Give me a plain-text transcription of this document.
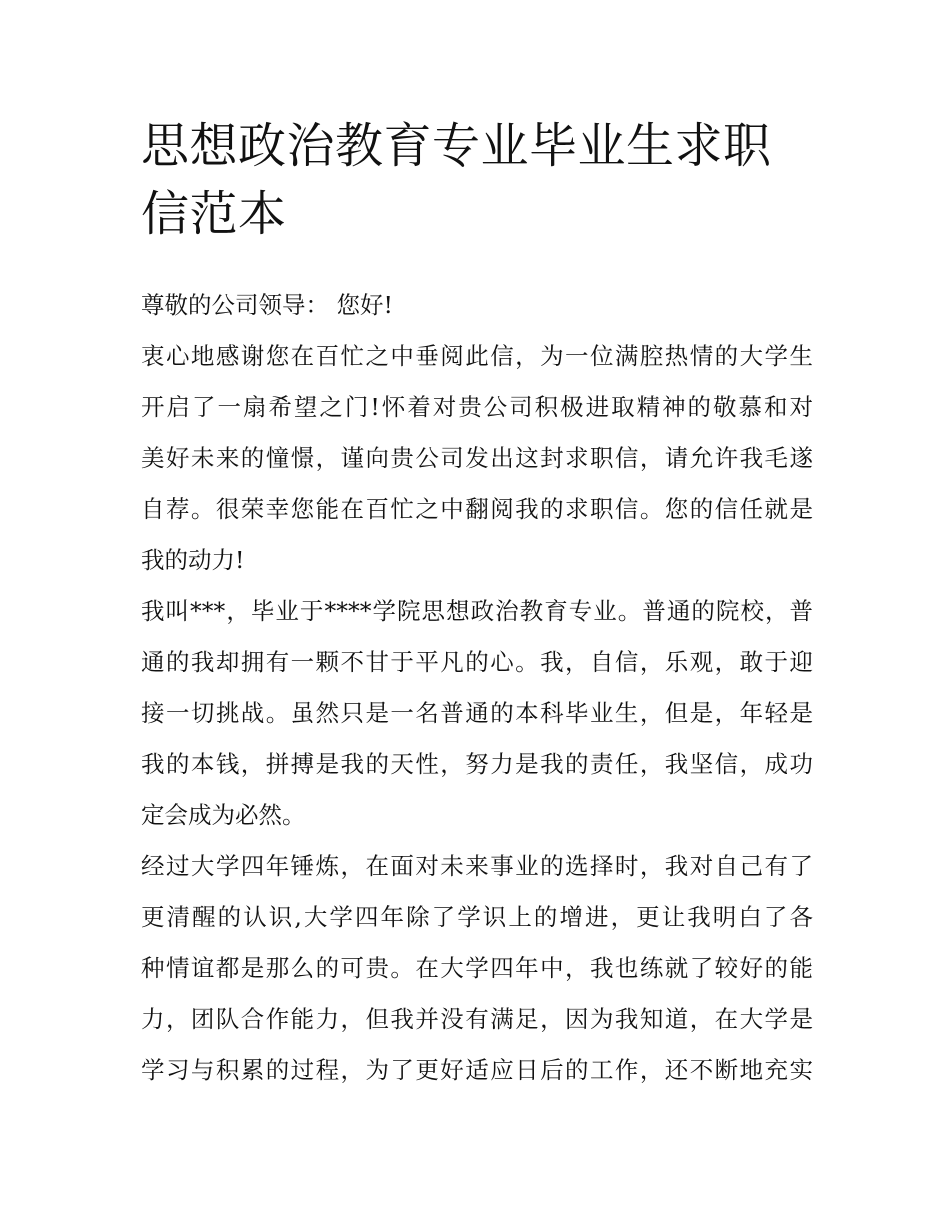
思想政治教育专业毕业生求职
信范本
尊敬的公司领导： 您好!
衷心地感谢您在百忙之中垂阅此信，为一位满腔热情的大学生
开启了一扇希望之门!怀着对贵公司积极进取精神的敬慕和对
美好未来的憧憬，谨向贵公司发出这封求职信，请允许我毛遂
自荐。很荣幸您能在百忙之中翻阅我的求职信。您的信任就是
我的动力!
我叫***，毕业于****学院思想政治教育专业。普通的院校，普
通的我却拥有一颗不甘于平凡的心。我，自信，乐观，敢于迎
接一切挑战。虽然只是一名普通的本科毕业生，但是，年轻是
我的本钱，拼搏是我的天性，努力是我的责任，我坚信，成功
定会成为必然。
经过大学四年锤炼，在面对未来事业的选择时，我对自己有了
更清醒的认识,大学四年除了学识上的增进，更让我明白了各
种情谊都是那么的可贵。在大学四年中，我也练就了较好的能
力，团队合作能力，但我并没有满足，因为我知道，在大学是
学习与积累的过程，为了更好适应日后的工作，还不断地充实
